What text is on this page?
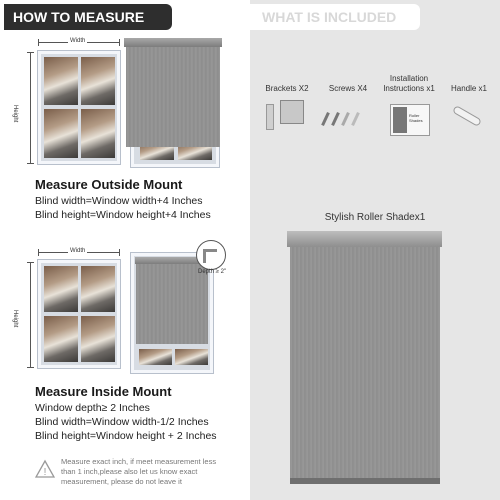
HOW TO MEASURE	WHAT IS INCLUDED
Width
Height
Measure Outside Mount
Blind width=Window width+4 Inches
Blind height=Window height+4 Inches
Width
Height
Depth ≥ 2"
Measure Inside Mount
Window depth≥ 2 Inches
Blind width=Window width-1/2 Inches
Blind height=Window height + 2 Inches
!
Measure exact inch, if meet measurement less than 1 inch,please also let us know exact measurement, please do not leave it
Brackets X2	Screws X4
Installation Instructions x1
Roller Shades
Handle x1
Stylish Roller Shadex1
